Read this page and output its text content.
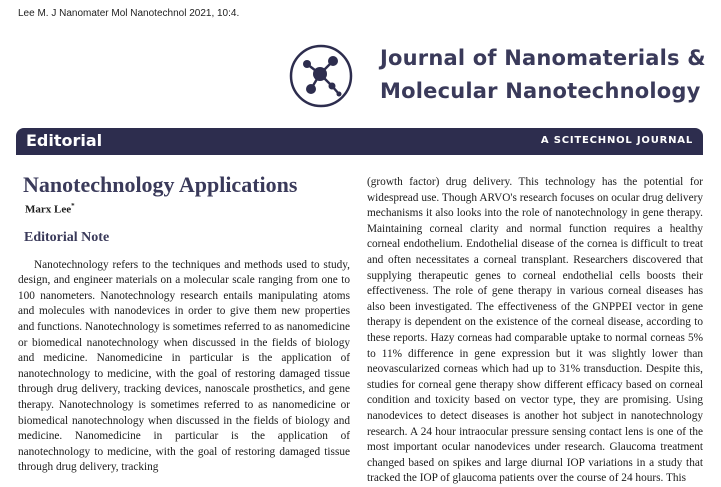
Lee M. J Nanomater Mol Nanotechnol 2021, 10:4.
Journal of Nanomaterials &
Molecular Nanotechnology
Editorial	A SCITECHNOL JOURNAL
Nanotechnology Applications
Marx Lee*
Editorial Note

Nanotechnology refers to the techniques and methods used to study, design, and engineer materials on a molecular scale ranging from one to 100 nanometers. Nanotechnology research entails manipulating atoms and molecules with nanodevices in order to give them new properties and functions. Nanotechnology is sometimes referred to as nanomedicine or biomedical nanotechnology when discussed in the fields of biology and medicine. Nanomedicine in particular is the application of nanotechnology to medicine, with the goal of restoring damaged tissue through drug delivery, tracking devices, nanoscale prosthetics, and gene therapy. Nanotechnology is sometimes referred to as nanomedicine or biomedical nanotechnology when discussed in the fields of biology and medicine. Nanomedicine in particular is the application of nanotechnology to medicine, with the goal of restoring damaged tissue through drug delivery, tracking

(growth factor) drug delivery. This technology has the potential for widespread use. Though ARVO's research focuses on ocular drug delivery mechanisms it also looks into the role of nanotechnology in gene therapy. Maintaining corneal clarity and normal function requires a healthy corneal endothelium. Endothelial disease of the cornea is difficult to treat and often necessitates a corneal transplant. Researchers discovered that supplying therapeutic genes to corneal endothelial cells boosts their effectiveness. The role of gene therapy in various corneal diseases has also been investigated. The effectiveness of the GNPPEI vector in gene therapy is dependent on the existence of the corneal disease, according to these reports. Hazy corneas had comparable uptake to normal corneas 5% to 11% difference in gene expression but it was slightly lower than neovascularized corneas which had up to 31% transduction. Despite this, studies for corneal gene therapy show different efficacy based on corneal condition and toxicity based on vector type, they are promising. Using nanodevices to detect diseases is another hot subject in nanotechnology research. A 24 hour intraocular pressure sensing contact lens is one of the most important ocular nanodevices under research. Glaucoma treatment changed based on spikes and large diurnal IOP variations in a study that tracked the IOP of glaucoma patients over the course of 24 hours. This
